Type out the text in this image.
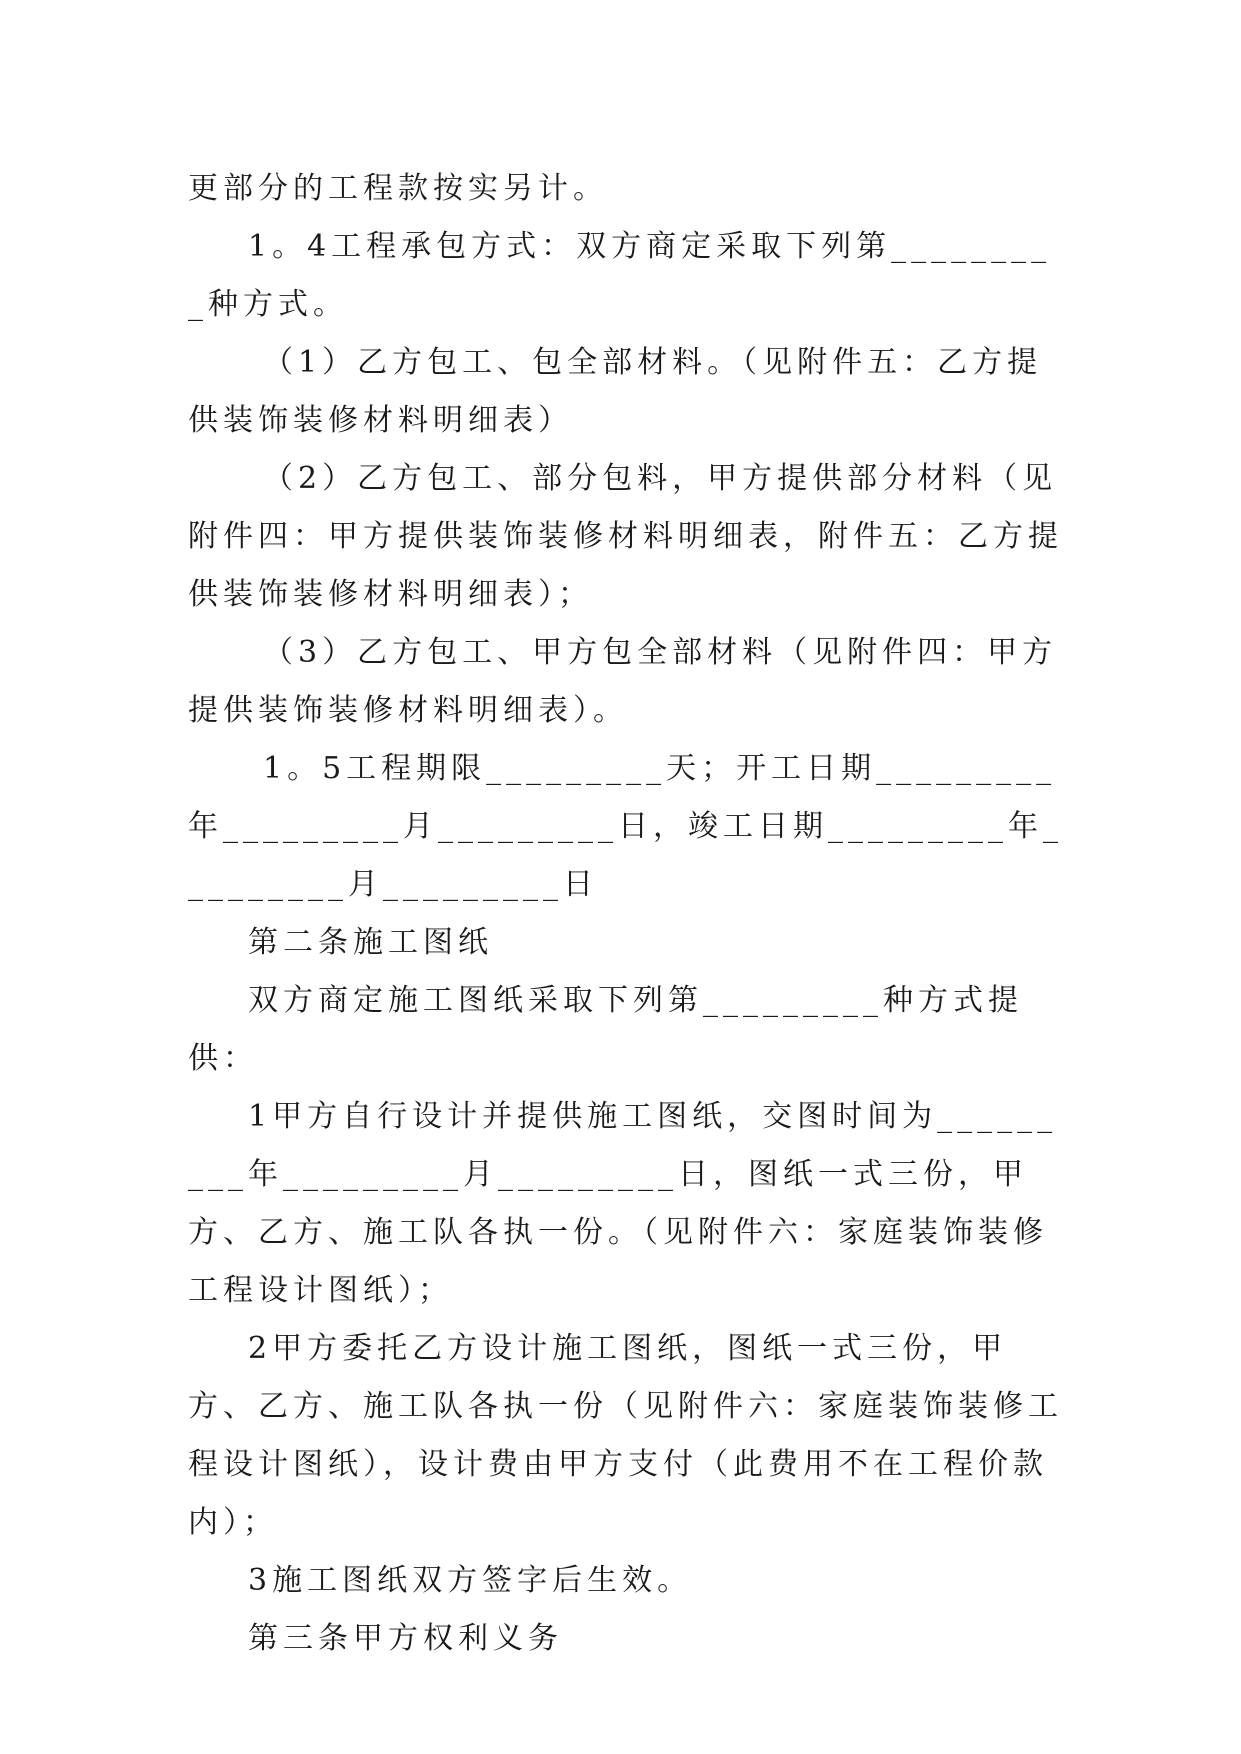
更部分的工程款按实另计。

1。4工程承包方式：双方商定采取下列第_________种方式。

（1）乙方包工、包全部材料。（见附件五：乙方提供装饰装修材料明细表）

（2）乙方包工、部分包料，甲方提供部分材料（见附件四：甲方提供装饰装修材料明细表，附件五：乙方提供装饰装修材料明细表）；

（3）乙方包工、甲方包全部材料（见附件四：甲方提供装饰装修材料明细表）。

1。5工程期限_________天；开工日期_________年_________月_________日，竣工日期_________年_________月_________日

第二条施工图纸

双方商定施工图纸采取下列第_________种方式提供：

1甲方自行设计并提供施工图纸，交图时间为_________年_________月_________日，图纸一式三份，甲方、乙方、施工队各执一份。（见附件六：家庭装饰装修工程设计图纸）；

2甲方委托乙方设计施工图纸，图纸一式三份，甲方、乙方、施工队各执一份（见附件六：家庭装饰装修工程设计图纸），设计费由甲方支付（此费用不在工程价款内）；

3施工图纸双方签字后生效。

第三条甲方权利义务
